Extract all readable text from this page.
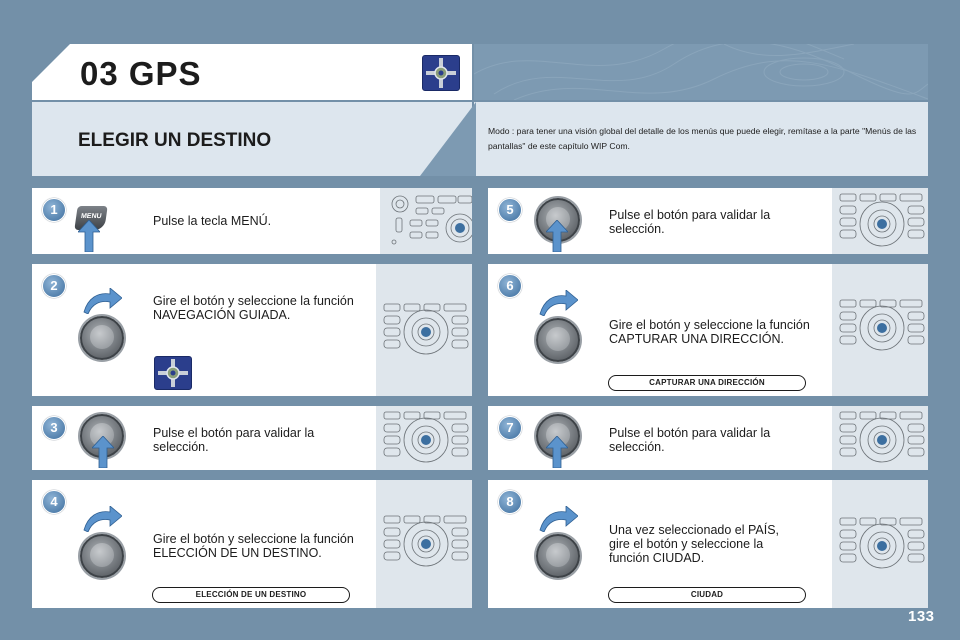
03 GPS
ELEGIR UN DESTINO	Modo : para tener una visión global del detalle de los menús que puede elegir, remítase a la parte "Menús de las pantallas" de este capítulo WIP Com.
1	MENU	Pulse la tecla MENÚ.
2
Gire el botón y seleccione la función NAVEGACIÓN GUIADA.
3	Pulse el botón para validar la selección.
4
Gire el botón y seleccione la función ELECCIÓN DE UN DESTINO.
ELECCIÓN DE UN DESTINO
5	Pulse el botón para validar la selección.
6
Gire el botón y seleccione la función CAPTURAR UNA DIRECCIÓN.
CAPTURAR UNA DIRECCIÓN
7	Pulse el botón para validar la selección.
8
Una vez seleccionado el PAÍS, gire el botón y seleccione la función CIUDAD.
CIUDAD
133
